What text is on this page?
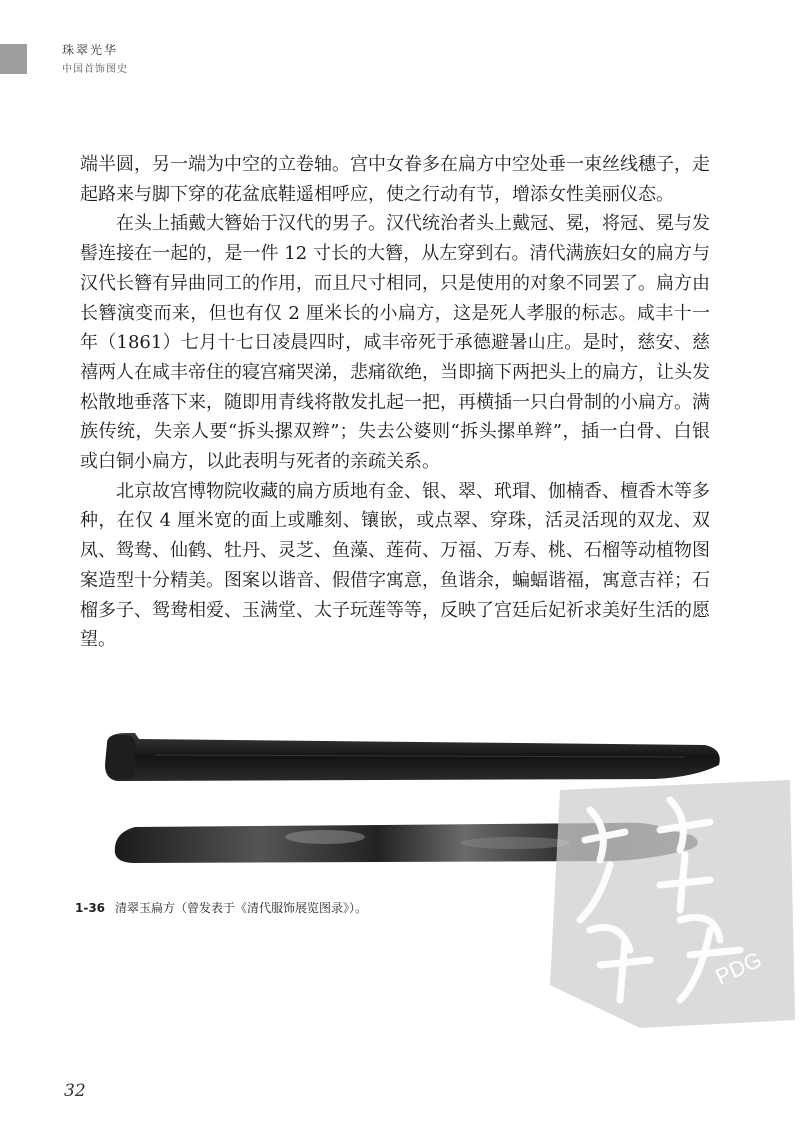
珠翠光华
中国首饰图史

端半圆，另一端为中空的立卷轴。宫中女眷多在扁方中空处垂一束丝线穗子，走起路来与脚下穿的花盆底鞋遥相呼应，使之行动有节，增添女性美丽仪态。

在头上插戴大簪始于汉代的男子。汉代统治者头上戴冠、冕，将冠、冕与发髻连接在一起的，是一件 12 寸长的大簪，从左穿到右。清代满族妇女的扁方与汉代长簪有异曲同工的作用，而且尺寸相同，只是使用的对象不同罢了。扁方由长簪演变而来，但也有仅 2 厘米长的小扁方，这是死人孝服的标志。咸丰十一年（1861）七月十七日凌晨四时，咸丰帝死于承德避暑山庄。是时，慈安、慈禧两人在咸丰帝住的寝宫痛哭涕，悲痛欲绝，当即摘下两把头上的扁方，让头发松散地垂落下来，随即用青线将散发扎起一把，再横插一只白骨制的小扁方。满族传统，失亲人要“拆头摞双辫”；失去公婆则“拆头摞单辫”，插一白骨、白银或白铜小扁方，以此表明与死者的亲疏关系。

北京故宫博物院收藏的扁方质地有金、银、翠、玳瑁、伽楠香、檀香木等多种，在仅 4 厘米宽的面上或雕刻、镶嵌，或点翠、穿珠，活灵活现的双龙、双凤、鸳鸯、仙鹤、牡丹、灵芝、鱼藻、莲荷、万福、万寿、桃、石榴等动植物图案造型十分精美。图案以谐音、假借字寓意，鱼谐余，蝙蝠谐福，寓意吉祥；石榴多子、鸳鸯相爱、玉满堂、太子玩莲等等，反映了宫廷后妃祈求美好生活的愿望。

1-36 清翠玉扁方（曾发表于《清代服饰展览图录》）。
PDG
32
